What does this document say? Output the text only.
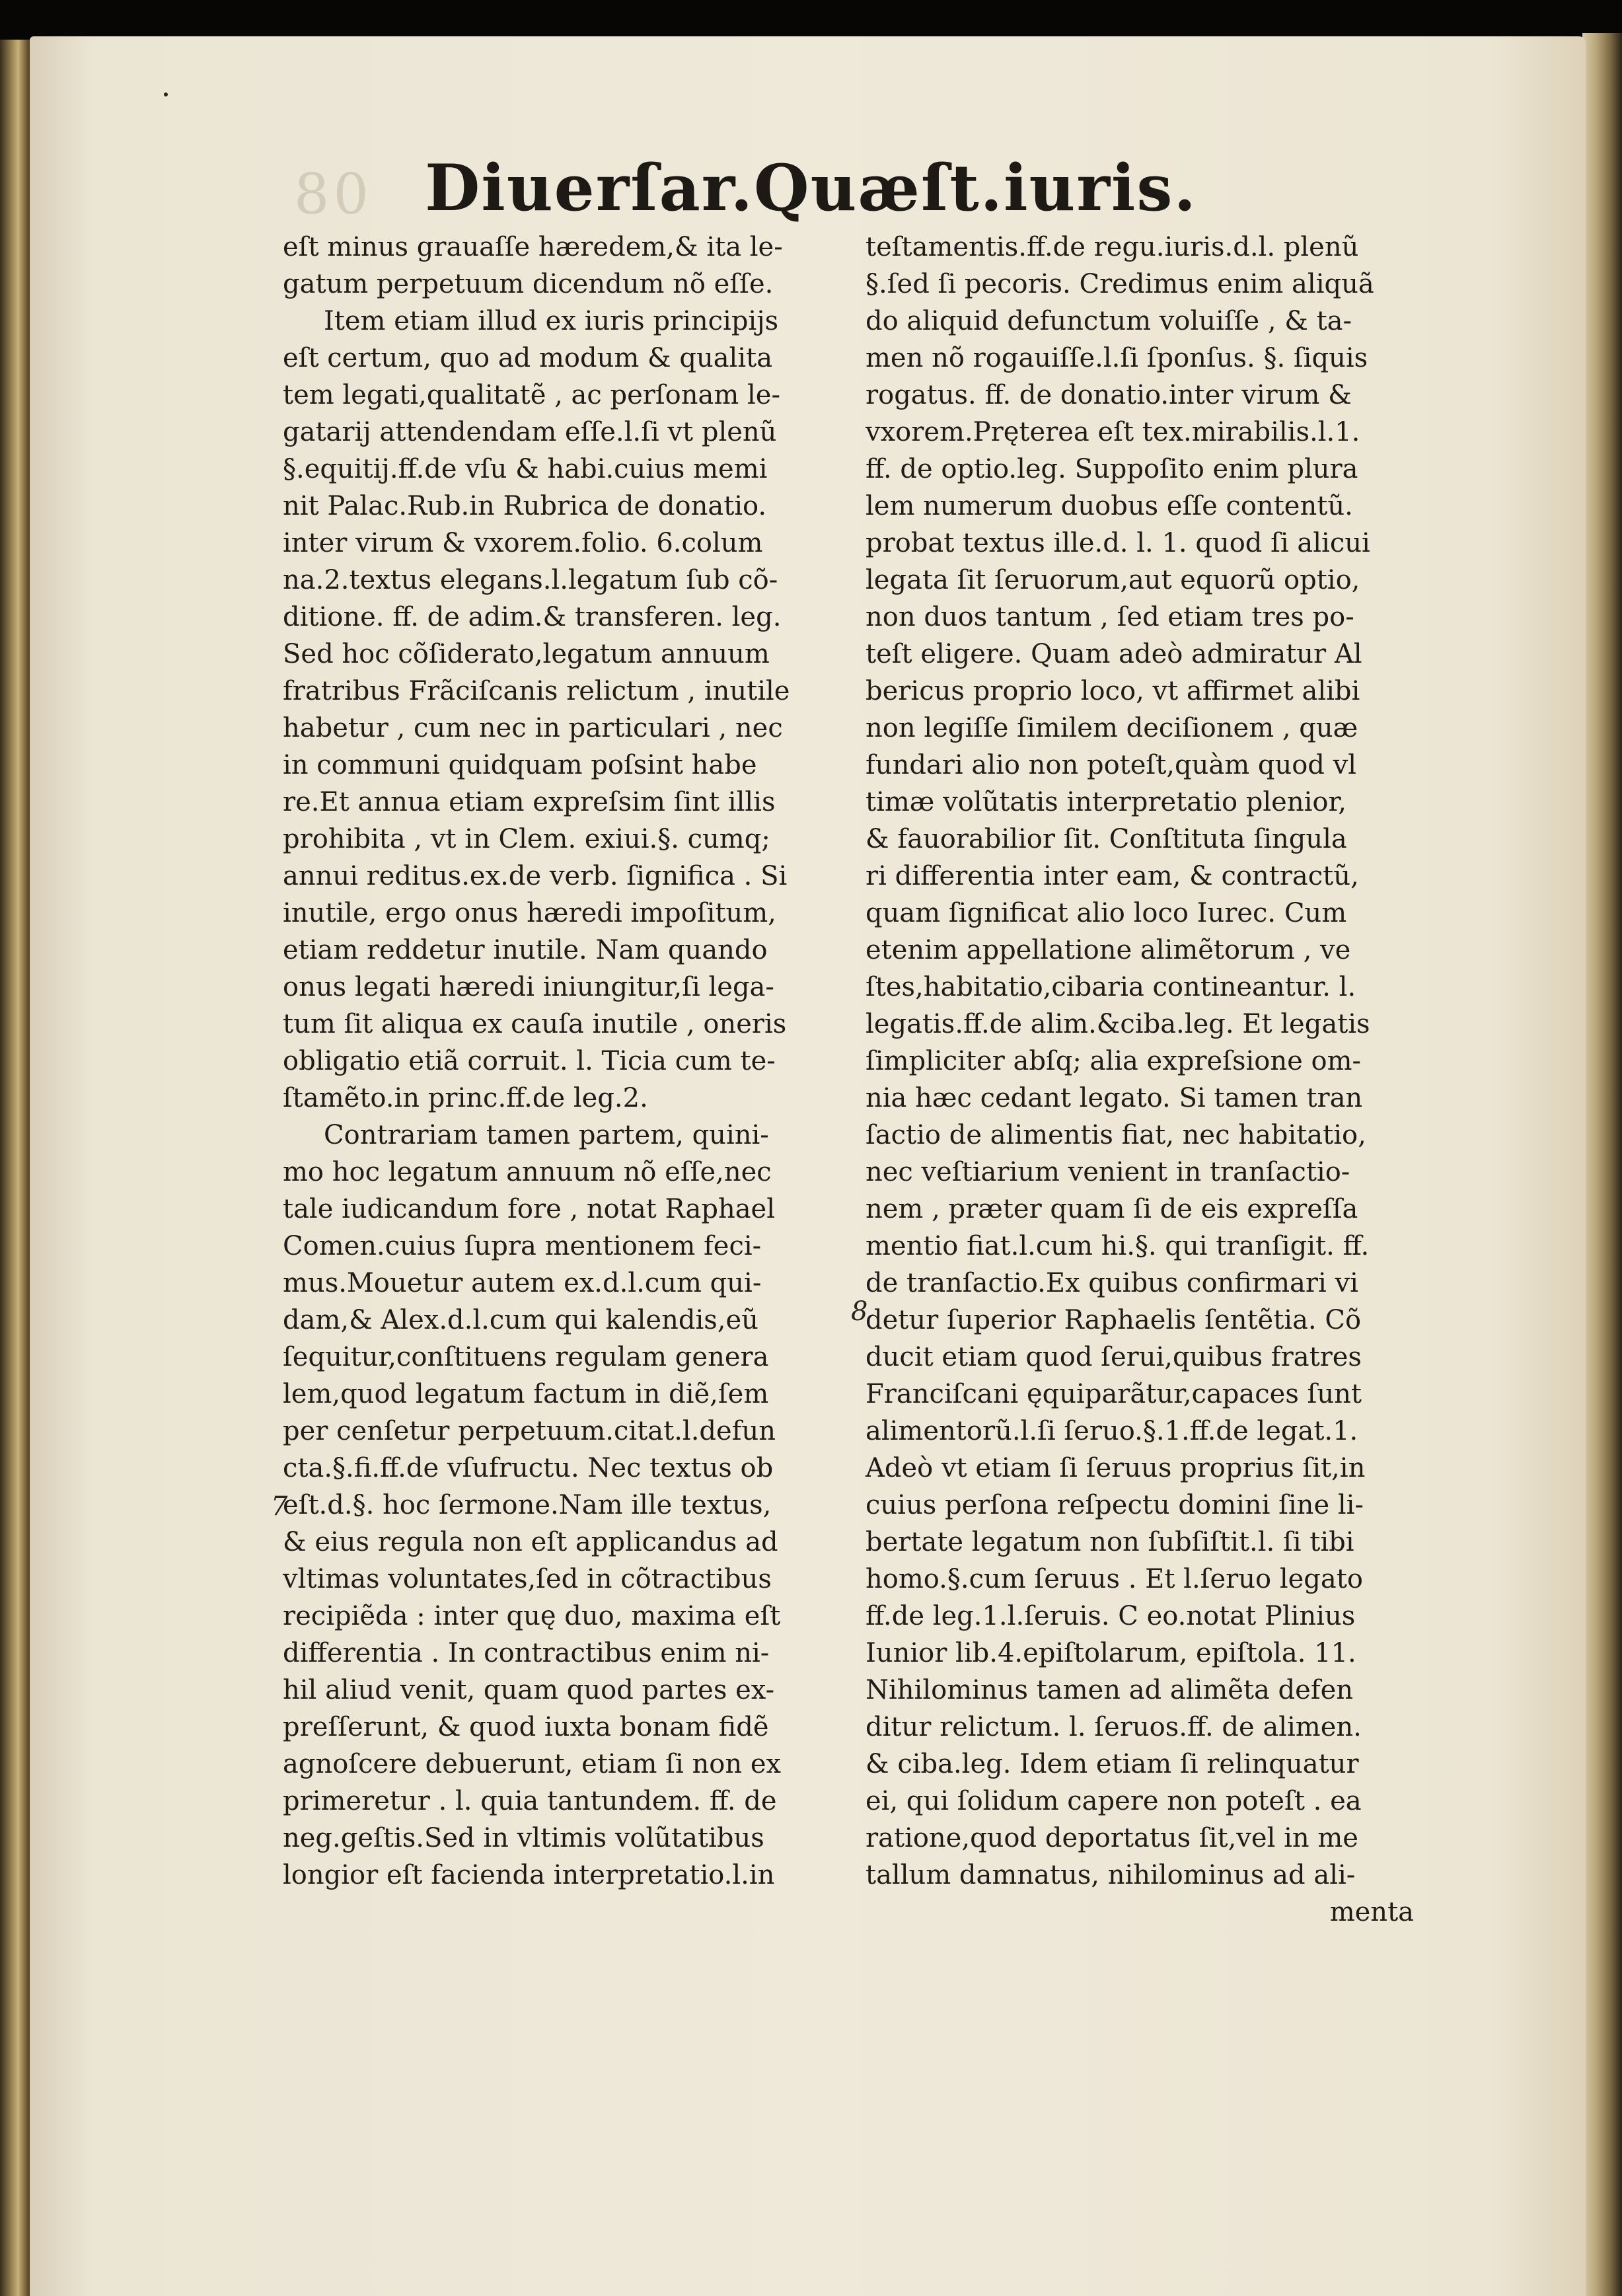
80 Diuerſar.Quæſt.iuris.
eſt minus grauaſſe hæredem,& ita le-
gatum perpetuum dicendum nõ eſſe.
Item etiam illud ex iuris principijs
eſt certum, quo ad modum & qualita
tem legati,qualitatẽ , ac perſonam le-
gatarij attendendam eſſe.l.ſi vt plenũ
§.equitij.ff.de vſu & habi.cuius memi
nit Palac.Rub.in Rubrica de donatio.
inter virum & vxorem.folio. 6.colum
na.2.textus elegans.l.legatum ſub cõ-
ditione. ff. de adim.& transferen. leg.
Sed hoc cõſiderato,legatum annuum
fratribus Frãciſcanis relictum , inutile
habetur , cum nec in particulari , nec
in communi quidquam poſsint habe
re.Et annua etiam expreſsim ſint illis
prohibita , vt in Clem. exiui.§. cumq;
annui reditus.ex.de verb. ſignifica . Si
inutile, ergo onus hæredi impoſitum,
etiam reddetur inutile. Nam quando
onus legati hæredi iniungitur,ſi lega-
tum ſit aliqua ex cauſa inutile , oneris
obligatio etiã corruit. l. Ticia cum te-
ſtamẽto.in princ.ff.de leg.2.
Contrariam tamen partem, quini-
mo hoc legatum annuum nõ eſſe,nec
tale iudicandum fore , notat Raphael
Comen.cuius ſupra mentionem feci-
mus.Mouetur autem ex.d.l.cum qui-
dam,& Alex.d.l.cum qui kalendis,eũ
ſequitur,conſtituens regulam genera
lem,quod legatum factum in diẽ,ſem
per cenſetur perpetuum.citat.l.defun
cta.§.fi.ff.de vſufructu. Nec textus ob
eſt.d.§. hoc ſermone.Nam ille textus,
& eius regula non eſt applicandus ad
vltimas voluntates,ſed in cõtractibus
recipiẽda : inter quę duo, maxima eſt
differentia . In contractibus enim ni-
hil aliud venit, quam quod partes ex-
preſſerunt, & quod iuxta bonam fidẽ
agnoſcere debuerunt, etiam ſi non ex
primeretur . l. quia tantundem. ff. de
neg.geſtis.Sed in vltimis volũtatibus
longior eſt facienda interpretatio.l.in
teſtamentis.ff.de regu.iuris.d.l. plenũ
§.ſed ſi pecoris. Credimus enim aliquã
do aliquid defunctum voluiſſe , & ta-
men nõ rogauiſſe.l.ſi ſponſus. §. ſiquis
rogatus. ff. de donatio.inter virum &
vxorem.Pręterea eſt tex.mirabilis.l.1.
ff. de optio.leg. Suppoſito enim plura
lem numerum duobus eſſe contentũ.
probat textus ille.d. l. 1. quod ſi alicui
legata ſit ſeruorum,aut equorũ optio,
non duos tantum , ſed etiam tres po-
teſt eligere. Quam adeò admiratur Al
bericus proprio loco, vt affirmet alibi
non legiſſe ſimilem deciſionem , quæ
fundari alio non poteſt,quàm quod vl
timæ volũtatis interpretatio plenior,
& fauorabilior ſit. Conſtituta ſingula
ri differentia inter eam, & contractũ,
quam ſignificat alio loco Iurec. Cum
etenim appellatione alimẽtorum , ve
ſtes,habitatio,cibaria contineantur. l.
legatis.ff.de alim.&ciba.leg. Et legatis
ſimpliciter abſq; alia expreſsione om-
nia hæc cedant legato. Si tamen tran
ſactio de alimentis fiat, nec habitatio,
nec veſtiarium venient in tranſactio-
nem , præter quam ſi de eis expreſſa
mentio fiat.l.cum hi.§. qui tranſigit. ff.
de tranſactio.Ex quibus confirmari vi
detur ſuperior Raphaelis ſentẽtia. Cõ
ducit etiam quod ſerui,quibus fratres
Franciſcani ęquiparãtur,capaces ſunt
alimentorũ.l.ſi ſeruo.§.1.ff.de legat.1.
Adeò vt etiam ſi ſeruus proprius ſit,in
cuius perſona reſpectu domini ſine li-
bertate legatum non ſubſiſtit.l. ſi tibi
homo.§.cum ſeruus . Et l.ſeruo legato
ff.de leg.1.l.ſeruis. C eo.notat Plinius
Iunior lib.4.epiſtolarum, epiſtola. 11.
Nihilominus tamen ad alimẽta defen
ditur relictum. l. ſeruos.ff. de alimen.
& ciba.leg. Idem etiam ſi relinquatur
ei, qui ſolidum capere non poteſt . ea
ratione,quod deportatus ſit,vel in me
tallum damnatus, nihilominus ad ali-
menta
7
8
